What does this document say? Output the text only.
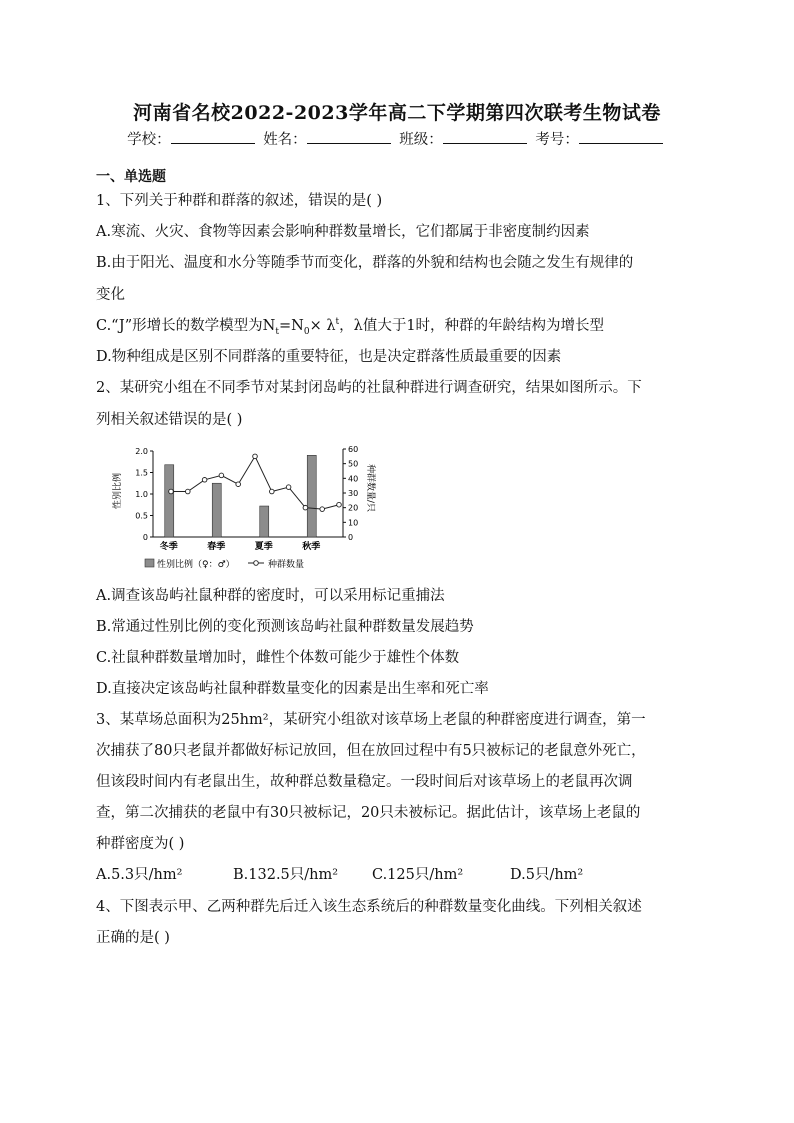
河南省名校2022-2023学年高二下学期第四次联考生物试卷
学校：	姓名：	班级：	考号：
一、单选题
1、下列关于种群和群落的叙述，错误的是( )
A.寒流、火灾、食物等因素会影响种群数量增长，它们都属于非密度制约因素
B.由于阳光、温度和水分等随季节而变化，群落的外貌和结构也会随之发生有规律的
变化
C.“J”形增长的数学模型为$N_t=N_0\times \lambda^t$，λ值大于1时，种群的年龄结构为增长型
D.物种组成是区别不同群落的重要特征，也是决定群落性质最重要的因素
2、某研究小组在不同季节对某封闭岛屿的社鼠种群进行调查研究，结果如图所示。下
列相关叙述错误的是( )
性别比例	种群数量/只
0
0.5
1.0
1.5
2.0
0
10
20
30
40
50
60
冬季	春季	夏季	秋季
性别比例（♀：♂）	种群数量
A.调查该岛屿社鼠种群的密度时，可以采用标记重捕法
B.常通过性别比例的变化预测该岛屿社鼠种群数量发展趋势
C.社鼠种群数量增加时，雌性个体数可能少于雄性个体数
D.直接决定该岛屿社鼠种群数量变化的因素是出生率和死亡率
3、某草场总面积为25hm²，某研究小组欲对该草场上老鼠的种群密度进行调查，第一
次捕获了80只老鼠并都做好标记放回，但在放回过程中有5只被标记的老鼠意外死亡，
但该段时间内有老鼠出生，故种群总数量稳定。一段时间后对该草场上的老鼠再次调
查，第二次捕获的老鼠中有30只被标记，20只未被标记。据此估计，该草场上老鼠的
种群密度为( )
A.5.3只/hm²	B.132.5只/hm² C.125只/hm²	D.5只/hm²
4、下图表示甲、乙两种群先后迁入该生态系统后的种群数量变化曲线。下列相关叙述
正确的是( )
